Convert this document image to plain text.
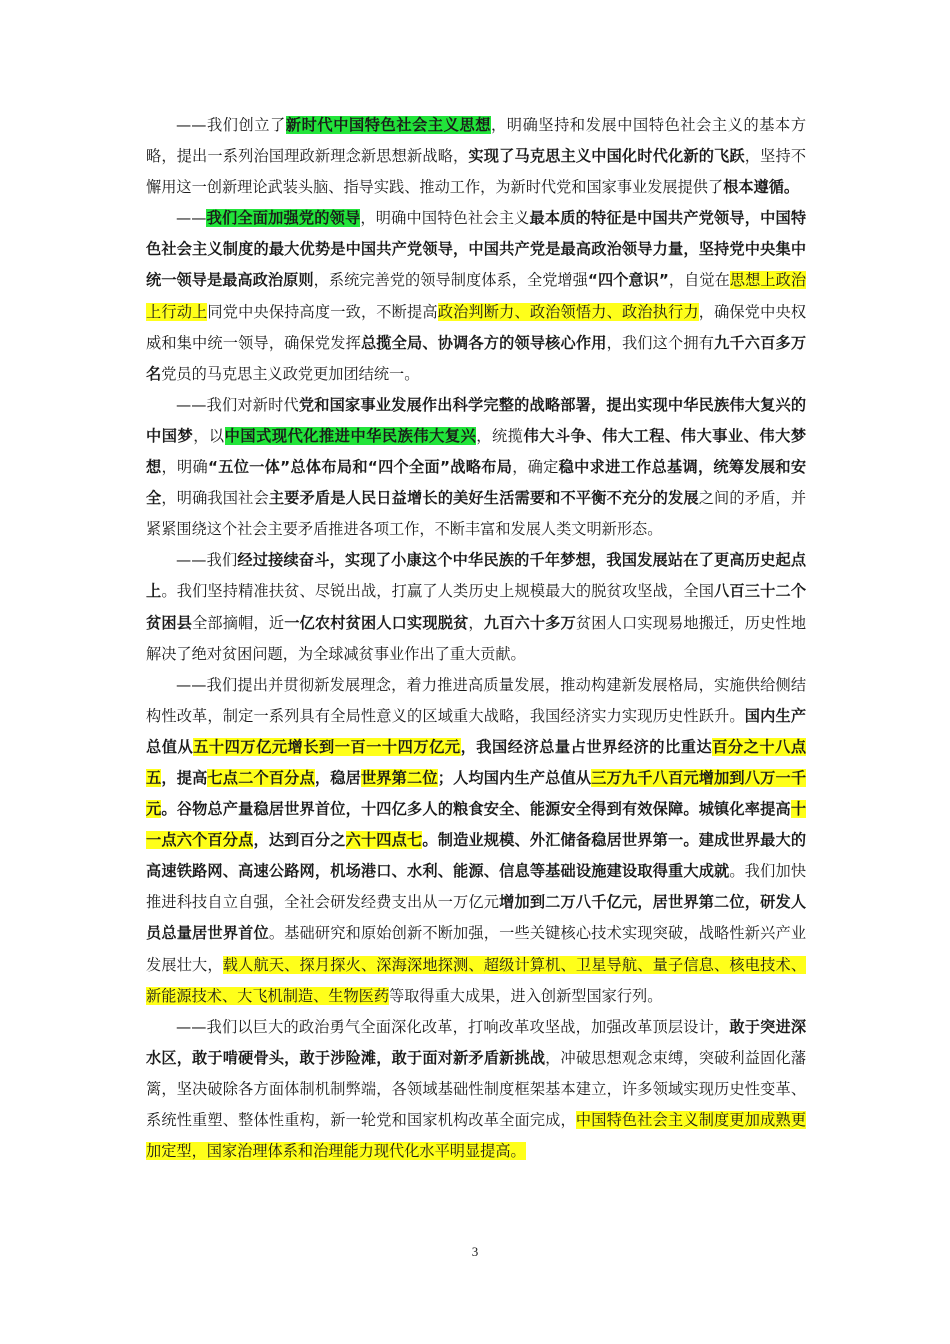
——我们创立了新时代中国特色社会主义思想，明确坚持和发展中国特色社会主义的基本方略，提出一系列治国理政新理念新思想新战略，实现了马克思主义中国化时代化新的飞跃，坚持不懈用这一创新理论武装头脑、指导实践、推动工作，为新时代党和国家事业发展提供了根本遵循。

——我们全面加强党的领导，明确中国特色社会主义最本质的特征是中国共产党领导，中国特色社会主义制度的最大优势是中国共产党领导，中国共产党是最高政治领导力量，坚持党中央集中统一领导是最高政治原则，系统完善党的领导制度体系，全党增强“四个意识”，自觉在思想上政治上行动上同党中央保持高度一致，不断提高政治判断力、政治领悟力、政治执行力，确保党中央权威和集中统一领导，确保党发挥总揽全局、协调各方的领导核心作用，我们这个拥有九千六百多万名党员的马克思主义政党更加团结统一。

——我们对新时代党和国家事业发展作出科学完整的战略部署，提出实现中华民族伟大复兴的中国梦，以中国式现代化推进中华民族伟大复兴，统揽伟大斗争、伟大工程、伟大事业、伟大梦想，明确“五位一体”总体布局和“四个全面”战略布局，确定稳中求进工作总基调，统筹发展和安全，明确我国社会主要矛盾是人民日益增长的美好生活需要和不平衡不充分的发展之间的矛盾，并紧紧围绕这个社会主要矛盾推进各项工作，不断丰富和发展人类文明新形态。

——我们经过接续奋斗，实现了小康这个中华民族的千年梦想，我国发展站在了更高历史起点上。我们坚持精准扶贫、尽锐出战，打赢了人类历史上规模最大的脱贫攻坚战，全国八百三十二个贫困县全部摘帽，近一亿农村贫困人口实现脱贫，九百六十多万贫困人口实现易地搬迁，历史性地解决了绝对贫困问题，为全球减贫事业作出了重大贡献。

——我们提出并贯彻新发展理念，着力推进高质量发展，推动构建新发展格局，实施供给侧结构性改革，制定一系列具有全局性意义的区域重大战略，我国经济实力实现历史性跃升。国内生产总值从五十四万亿元增长到一百一十四万亿元，我国经济总量占世界经济的比重达百分之十八点五，提高七点二个百分点，稳居世界第二位；人均国内生产总值从三万九千八百元增加到八万一千元。谷物总产量稳居世界首位，十四亿多人的粮食安全、能源安全得到有效保障。城镇化率提高十一点六个百分点，达到百分之六十四点七。制造业规模、外汇储备稳居世界第一。建成世界最大的高速铁路网、高速公路网，机场港口、水利、能源、信息等基础设施建设取得重大成就。我们加快推进科技自立自强，全社会研发经费支出从一万亿元增加到二万八千亿元，居世界第二位，研发人员总量居世界首位。基础研究和原始创新不断加强，一些关键核心技术实现突破，战略性新兴产业发展壮大，载人航天、探月探火、深海深地探测、超级计算机、卫星导航、量子信息、核电技术、新能源技术、大飞机制造、生物医药等取得重大成果，进入创新型国家行列。

——我们以巨大的政治勇气全面深化改革，打响改革攻坚战，加强改革顶层设计，敢于突进深水区，敢于啃硬骨头，敢于涉险滩，敢于面对新矛盾新挑战，冲破思想观念束缚，突破利益固化藩篱，坚决破除各方面体制机制弊端，各领域基础性制度框架基本建立，许多领域实现历史性变革、系统性重塑、整体性重构，新一轮党和国家机构改革全面完成，中国特色社会主义制度更加成熟更加定型，国家治理体系和治理能力现代化水平明显提高。

3
